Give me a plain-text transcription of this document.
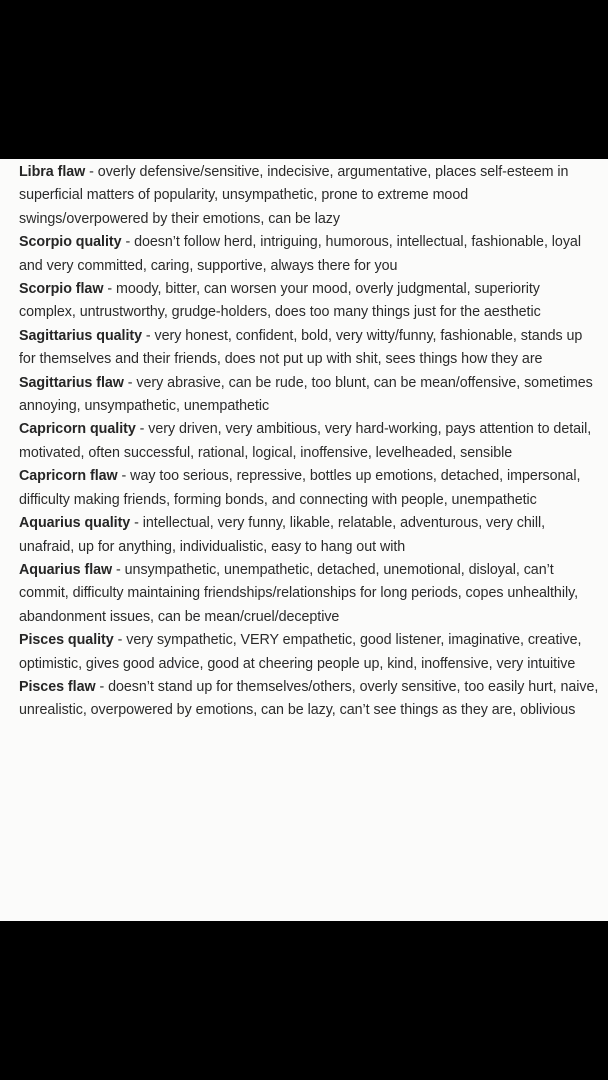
Libra flaw - overly defensive/sensitive, indecisive, argumentative, places self-esteem in superficial matters of popularity, unsympathetic, prone to extreme mood swings/overpowered by their emotions, can be lazy

Scorpio quality - doesn’t follow herd, intriguing, humorous, intellectual, fashionable, loyal and very committed, caring, supportive, always there for you

Scorpio flaw - moody, bitter, can worsen your mood, overly judgmental, superiority complex, untrustworthy, grudge-holders, does too many things just for the aesthetic

Sagittarius quality - very honest, confident, bold, very witty/funny, fashionable, stands up for themselves and their friends, does not put up with shit, sees things how they are

Sagittarius flaw - very abrasive, can be rude, too blunt, can be mean/offensive, sometimes annoying, unsympathetic, unempathetic

Capricorn quality - very driven, very ambitious, very hard-working, pays attention to detail, motivated, often successful, rational, logical, inoffensive, levelheaded, sensible

Capricorn flaw - way too serious, repressive, bottles up emotions, detached, impersonal, difficulty making friends, forming bonds, and connecting with people, unempathetic

Aquarius quality - intellectual, very funny, likable, relatable, adventurous, very chill, unafraid, up for anything, individualistic, easy to hang out with

Aquarius flaw - unsympathetic, unempathetic, detached, unemotional, disloyal, can’t commit, difficulty maintaining friendships/relationships for long periods, copes unhealthily, abandonment issues, can be mean/cruel/deceptive

Pisces quality - very sympathetic, VERY empathetic, good listener, imaginative, creative, optimistic, gives good advice, good at cheering people up, kind, inoffensive, very intuitive

Pisces flaw - doesn’t stand up for themselves/others, overly sensitive, too easily hurt, naive, unrealistic, overpowered by emotions, can be lazy, can’t see things as they are, oblivious
